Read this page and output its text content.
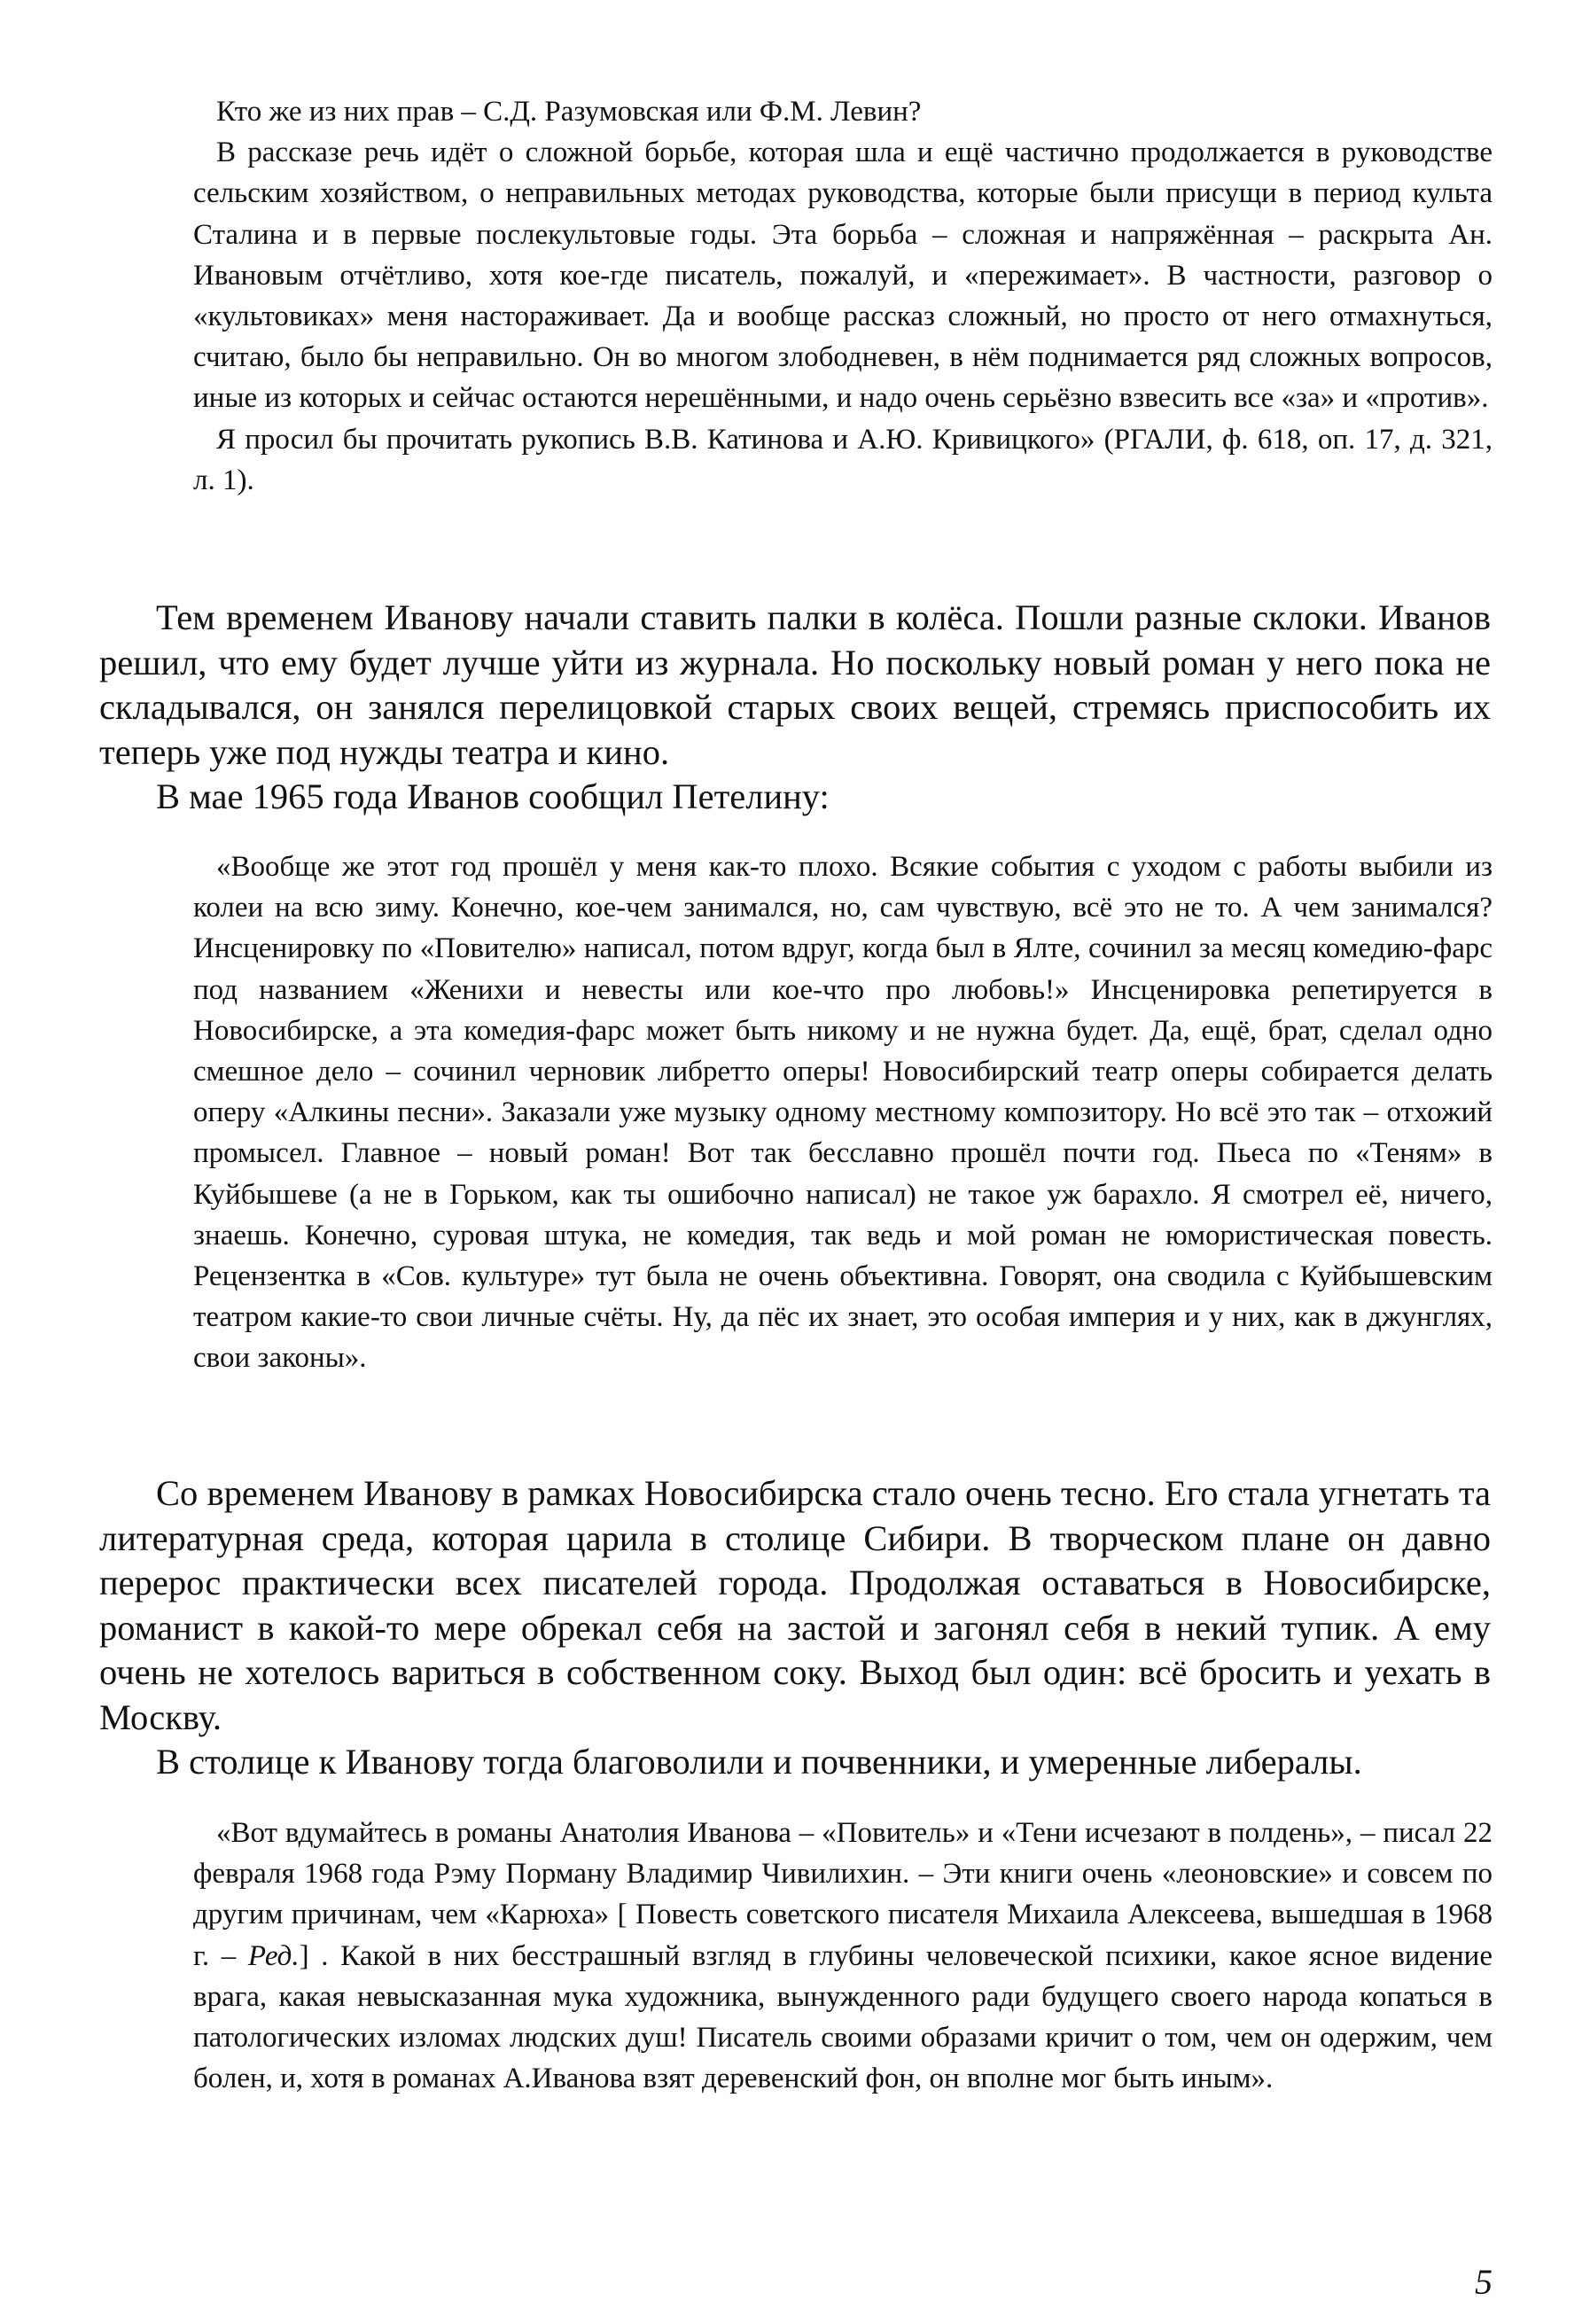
Кто же из них прав – С.Д. Разумовская или Ф.М. Левин?

В рассказе речь идёт о сложной борьбе, которая шла и ещё частично продолжается в руководстве сельским хозяйством, о неправильных методах руководства, которые были присущи в период культа Сталина и в первые послекультовые годы. Эта борьба – сложная и напряжённая – раскрыта Ан. Ивановым отчётливо, хотя кое-где писатель, пожалуй, и «пережимает». В частности, разговор о «культовиках» меня настораживает. Да и вообще рассказ сложный, но просто от него отмахнуться, считаю, было бы неправильно. Он во многом злободневен, в нём поднимается ряд сложных вопросов, иные из которых и сейчас остаются нерешёнными, и надо очень серьёзно взвесить все «за» и «против».

Я просил бы прочитать рукопись В.В. Катинова и А.Ю. Кривицкого» (РГАЛИ, ф. 618, оп. 17, д. 321, л. 1).

Тем временем Иванову начали ставить палки в колёса. Пошли разные склоки. Иванов решил, что ему будет лучше уйти из журнала. Но поскольку новый роман у него пока не складывался, он занялся перелицовкой старых своих вещей, стремясь приспособить их теперь уже под нужды театра и кино.

В мае 1965 года Иванов сообщил Петелину:

«Вообще же этот год прошёл у меня как-то плохо. Всякие события с уходом с работы выбили из колеи на всю зиму. Конечно, кое-чем занимался, но, сам чувствую, всё это не то. А чем занимался? Инсценировку по «Повителю» написал, потом вдруг, когда был в Ялте, сочинил за месяц комедию-фарс под названием «Женихи и невесты или кое-что про любовь!» Инсценировка репетируется в Новосибирске, а эта комедия-фарс может быть никому и не нужна будет. Да, ещё, брат, сделал одно смешное дело – сочинил черновик либретто оперы! Новосибирский театр оперы собирается делать оперу «Алкины песни». Заказали уже музыку одному местному композитору. Но всё это так – отхожий промысел. Главное – новый роман! Вот так бесславно прошёл почти год. Пьеса по «Теням» в Куйбышеве (а не в Горьком, как ты ошибочно написал) не такое уж барахло. Я смотрел её, ничего, знаешь. Конечно, суровая штука, не комедия, так ведь и мой роман не юмористическая повесть. Рецензентка в «Сов. культуре» тут была не очень объективна. Говорят, она сводила с Куйбышевским театром какие-то свои личные счёты. Ну, да пёс их знает, это особая империя и у них, как в джунглях, свои законы».

Со временем Иванову в рамках Новосибирска стало очень тесно. Его стала угнетать та литературная среда, которая царила в столице Сибири. В творческом плане он давно перерос практически всех писателей города. Продолжая оставаться в Новосибирске, романист в какой-то мере обрекал себя на застой и загонял себя в некий тупик. А ему очень не хотелось вариться в собственном соку. Выход был один: всё бросить и уехать в Москву.

В столице к Иванову тогда благоволили и почвенники, и умеренные либералы.

«Вот вдумайтесь в романы Анатолия Иванова – «Повитель» и «Тени исчезают в полдень», – писал 22 февраля 1968 года Рэму Порману Владимир Чивилихин. – Эти книги очень «леоновские» и совсем по другим причинам, чем «Карюха» [ Повесть советского писателя Михаила Алексеева, вышедшая в 1968 г. – Ред.] . Какой в них бесстрашный взгляд в глубины человеческой психики, какое ясное видение врага, какая невысказанная мука художника, вынужденного ради будущего своего народа копаться в патологических изломах людских душ! Писатель своими образами кричит о том, чем он одержим, чем болен, и, хотя в романах А.Иванова взят деревенский фон, он вполне мог быть иным».

5
